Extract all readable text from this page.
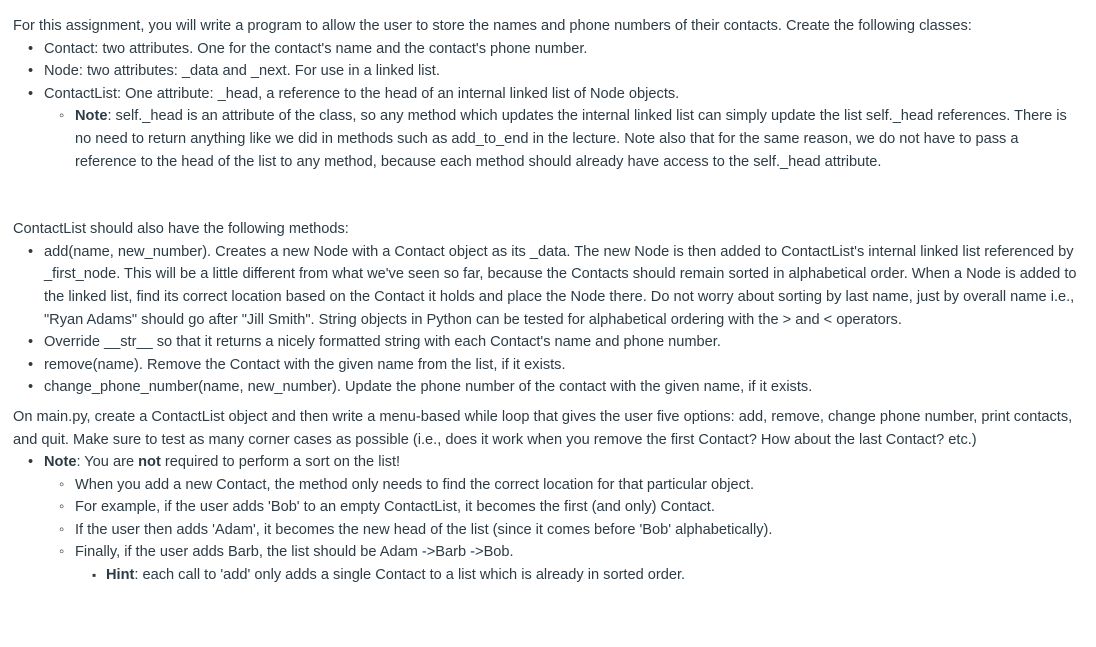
For this assignment, you will write a program to allow the user to store the names and phone numbers of their contacts. Create the following classes:

• Contact: two attributes. One for the contact's name and the contact's phone number.
• Node: two attributes: _data and _next. For use in a linked list.
• ContactList: One attribute: _head, a reference to the head of an internal linked list of Node objects.
◦ Note: self._head is an attribute of the class, so any method which updates the internal linked list can simply update the list self._head references. There is no need to return anything like we did in methods such as add_to_end in the lecture. Note also that for the same reason, we do not have to pass a reference to the head of the list to any method, because each method should already have access to the self._head attribute.

ContactList should also have the following methods:

• add(name, new_number). Creates a new Node with a Contact object as its _data. The new Node is then added to ContactList's internal linked list referenced by _first_node. This will be a little different from what we've seen so far, because the Contacts should remain sorted in alphabetical order. When a Node is added to the linked list, find its correct location based on the Contact it holds and place the Node there. Do not worry about sorting by last name, just by overall name i.e., "Ryan Adams" should go after "Jill Smith". String objects in Python can be tested for alphabetical ordering with the > and < operators.
• Override __str__ so that it returns a nicely formatted string with each Contact's name and phone number.
• remove(name). Remove the Contact with the given name from the list, if it exists.
• change_phone_number(name, new_number). Update the phone number of the contact with the given name, if it exists.

On main.py, create a ContactList object and then write a menu-based while loop that gives the user five options: add, remove, change phone number, print contacts, and quit. Make sure to test as many corner cases as possible (i.e., does it work when you remove the first Contact? How about the last Contact? etc.)

• Note: You are not required to perform a sort on the list!
◦ When you add a new Contact, the method only needs to find the correct location for that particular object.
◦ For example, if the user adds 'Bob' to an empty ContactList, it becomes the first (and only) Contact.
◦ If the user then adds 'Adam', it becomes the new head of the list (since it comes before 'Bob' alphabetically).
◦ Finally, if the user adds Barb, the list should be Adam ->Barb ->Bob.
▪ Hint: each call to 'add' only adds a single Contact to a list which is already in sorted order.
